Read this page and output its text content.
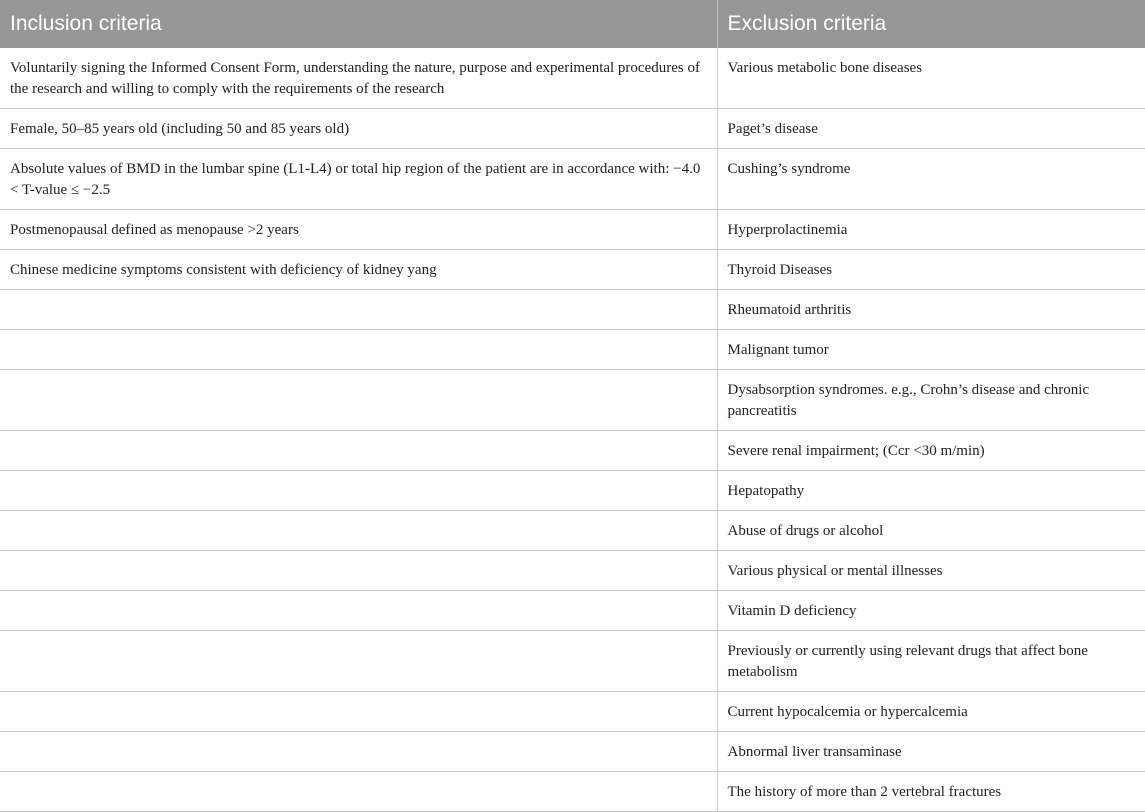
Inclusion criteria	Exclusion criteria
Voluntarily signing the Informed Consent Form, understanding the nature, purpose and experimental procedures of the research and willing to comply with the requirements of the research	Various metabolic bone diseases
Female, 50–85 years old (including 50 and 85 years old)	Paget’s disease
Absolute values of BMD in the lumbar spine (L1-L4) or total hip region of the patient are in accordance with: −4.0 < T-value ≤ −2.5	Cushing’s syndrome
Postmenopausal defined as menopause >2 years	Hyperprolactinemia
Chinese medicine symptoms consistent with deficiency of kidney yang	Thyroid Diseases
	Rheumatoid arthritis
	Malignant tumor
	Dysabsorption syndromes. e.g., Crohn’s disease and chronic pancreatitis
	Severe renal impairment; (Ccr <30 m/min)
	Hepatopathy
	Abuse of drugs or alcohol
	Various physical or mental illnesses
	Vitamin D deficiency
	Previously or currently using relevant drugs that affect bone metabolism
	Current hypocalcemia or hypercalcemia
	Abnormal liver transaminase
	The history of more than 2 vertebral fractures
